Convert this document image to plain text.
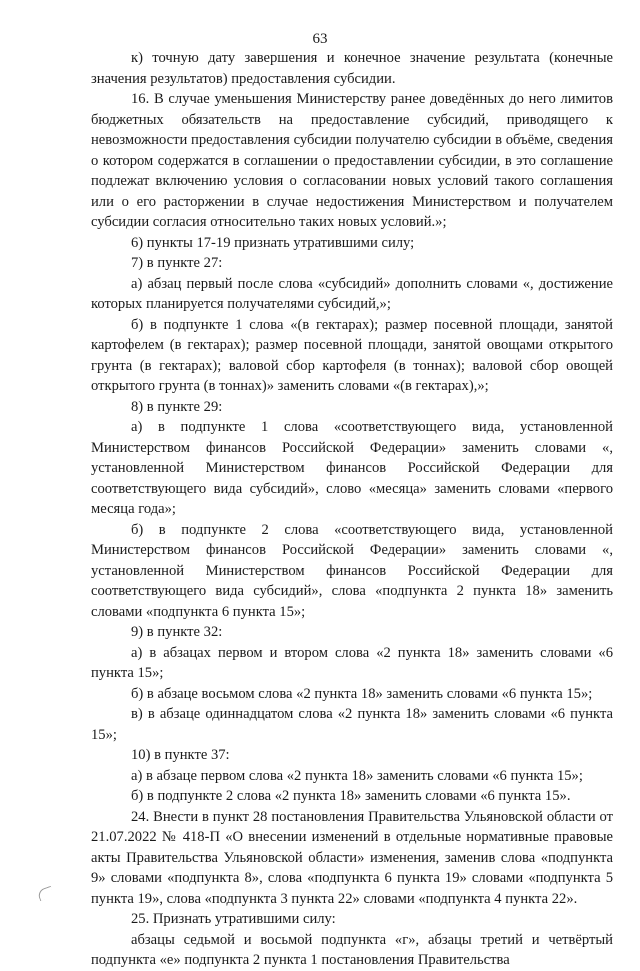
63

к) точную дату завершения и конечное значение результата (конечные значения результатов) предоставления субсидии.

16. В случае уменьшения Министерству ранее доведённых до него лимитов бюджетных обязательств на предоставление субсидий, приводящего к невозможности предоставления субсидии получателю субсидии в объёме, сведения о котором содержатся в соглашении о предоставлении субсидии, в это соглашение подлежат включению условия о согласовании новых условий такого соглашения или о его расторжении в случае недостижения Министерством и получателем субсидии согласия относительно таких новых условий.»;

6) пункты 17-19 признать утратившими силу;

7) в пункте 27:

а) абзац первый после слова «субсидий» дополнить словами «, достижение которых планируется получателями субсидий,»;

б) в подпункте 1 слова «(в гектарах); размер посевной площади, занятой картофелем (в гектарах); размер посевной площади, занятой овощами открытого грунта (в гектарах); валовой сбор картофеля (в тоннах); валовой сбор овощей открытого грунта (в тоннах)» заменить словами «(в гектарах),»;

8) в пункте 29:

а) в подпункте 1 слова «соответствующего вида, установленной Министерством финансов Российской Федерации» заменить словами «, установленной Министерством финансов Российской Федерации для соответствующего вида субсидий», слово «месяца» заменить словами «первого месяца года»;

б) в подпункте 2 слова «соответствующего вида, установленной Министерством финансов Российской Федерации» заменить словами «, установленной Министерством финансов Российской Федерации для соответствующего вида субсидий», слова «подпункта 2 пункта 18» заменить словами «подпункта 6 пункта 15»;

9) в пункте 32:

а) в абзацах первом и втором слова «2 пункта 18» заменить словами «6 пункта 15»;

б) в абзаце восьмом слова «2 пункта 18» заменить словами «6 пункта 15»;

в) в абзаце одиннадцатом слова «2 пункта 18» заменить словами «6 пункта 15»;

10) в пункте 37:

а) в абзаце первом слова «2 пункта 18» заменить словами «6 пункта 15»;

б) в подпункте 2 слова «2 пункта 18» заменить словами «6 пункта 15».

24. Внести в пункт 28 постановления Правительства Ульяновской области от 21.07.2022 № 418-П «О внесении изменений в отдельные нормативные правовые акты Правительства Ульяновской области» изменения, заменив слова «подпункта 9» словами «подпункта 8», слова «подпункта 6 пункта 19» словами «подпункта 5 пункта 19», слова «подпункта 3 пункта 22» словами «подпункта 4 пункта 22».

25. Признать утратившими силу:

абзацы седьмой и восьмой подпункта «г», абзацы третий и четвёртый подпункта «е» подпункта 2 пункта 1 постановления Правительства
